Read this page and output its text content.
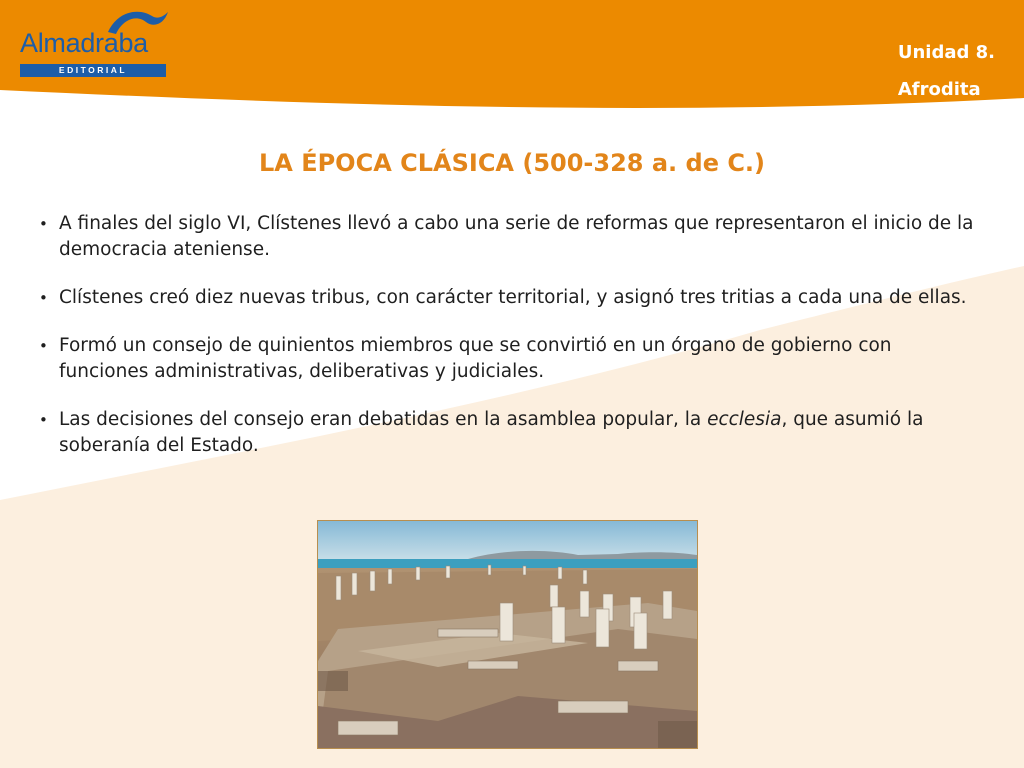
Almadraba
EDITORIAL
Unidad 8.
Afrodita
LA ÉPOCA CLÁSICA (500-328 a. de C.)
• A finales del siglo VI, Clístenes llevó a cabo una serie de reformas que representaron el inicio de la democracia ateniense.
• Clístenes creó diez nuevas tribus, con carácter territorial, y asignó tres tritias a cada una de ellas.
• Formó un consejo de quinientos miembros que se convirtió en un órgano de gobierno con funciones administrativas, deliberativas y judiciales.
• Las decisiones del consejo eran debatidas en la asamblea popular, la ecclesia, que asumió la soberanía del Estado.
